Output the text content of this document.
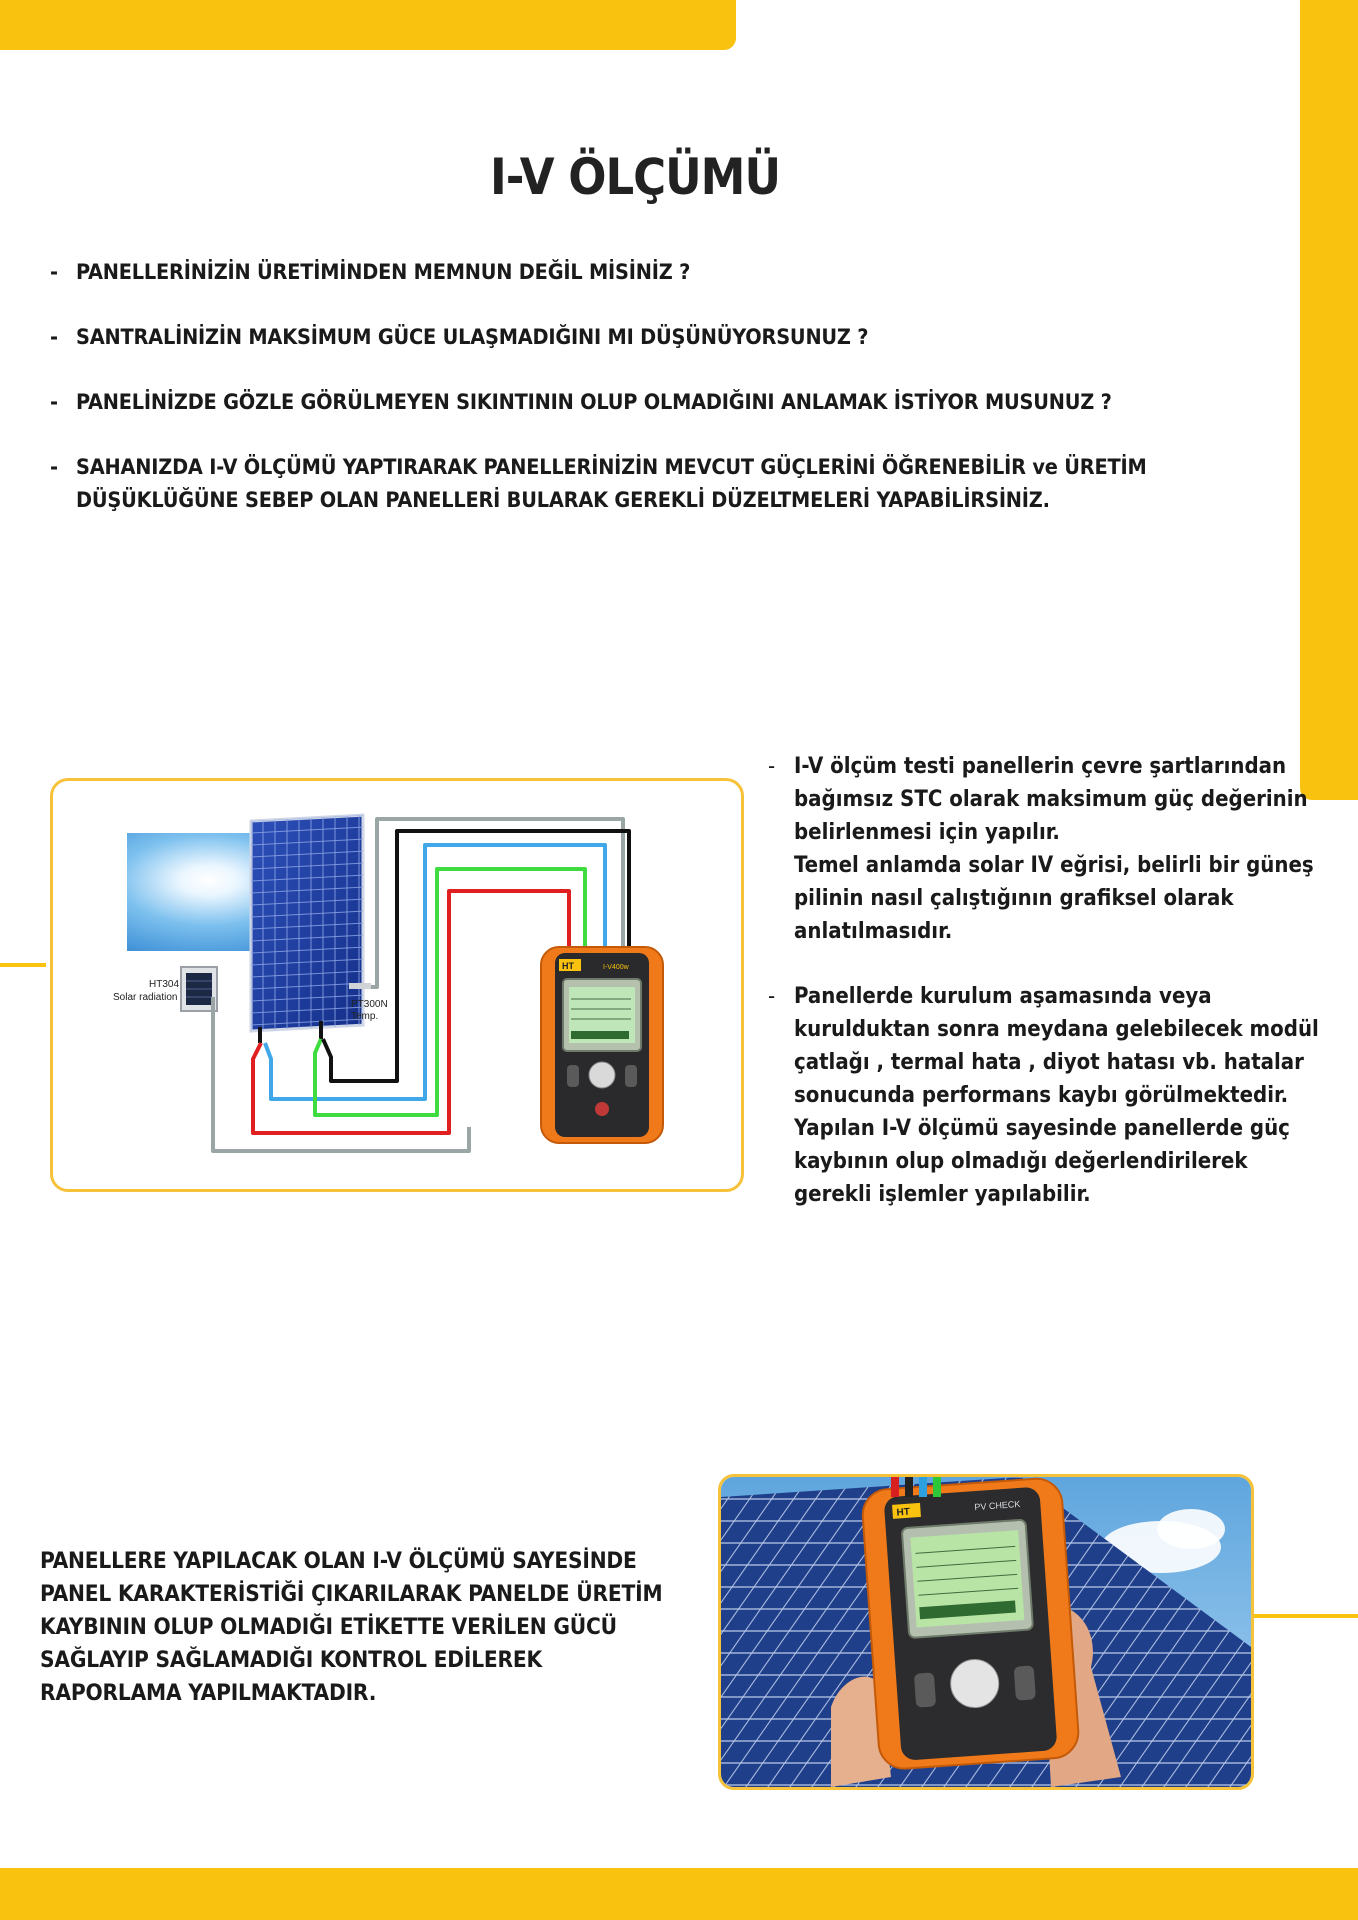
I-V ÖLÇÜMÜ
- PANELLERİNİZİN ÜRETİMİNDEN MEMNUN DEĞİL MİSİNİZ ?
- SANTRALİNİZİN MAKSİMUM GÜCE ULAŞMADIĞINI MI DÜŞÜNÜYORSUNUZ ?
- PANELİNİZDE GÖZLE GÖRÜLMEYEN SIKINTININ OLUP OLMADIĞINI ANLAMAK İSTİYOR MUSUNUZ ?
- SAHANIZDA I-V ÖLÇÜMÜ YAPTIRARAK PANELLERİNİZİN MEVCUT GÜÇLERİNİ ÖĞRENEBİLİR ve ÜRETİM DÜŞÜKLÜĞÜNE SEBEP OLAN PANELLERİ BULARAK GEREKLİ DÜZELTMELERİ YAPABİLİRSİNİZ.
HT304
Solar radiation
PT300N
Temp.
HT	I-V400w
- I-V ölçüm testi panellerin çevre şartlarından bağımsız STC olarak maksimum güç değerinin belirlenmesi için yapılır.
Temel anlamda solar IV eğrisi, belirli bir güneş pilinin nasıl çalıştığının grafiksel olarak anlatılmasıdır.
- Panellerde kurulum aşamasında veya kurulduktan sonra meydana gelebilecek modül çatlağı , termal hata , diyot hatası vb. hatalar sonucunda performans kaybı görülmektedir.
Yapılan I-V ölçümü sayesinde panellerde güç kaybının olup olmadığı değerlendirilerek gerekli işlemler yapılabilir.

PANELLERE YAPILACAK OLAN I-V ÖLÇÜMÜ SAYESİNDE PANEL KARAKTERİSTİĞİ ÇIKARILARAK PANELDE ÜRETİM KAYBININ OLUP OLMADIĞI ETİKETTE VERİLEN GÜCÜ SAĞLAYIP SAĞLAMADIĞI KONTROL EDİLEREK RAPORLAMA YAPILMAKTADIR.

HT
PV CHECK
